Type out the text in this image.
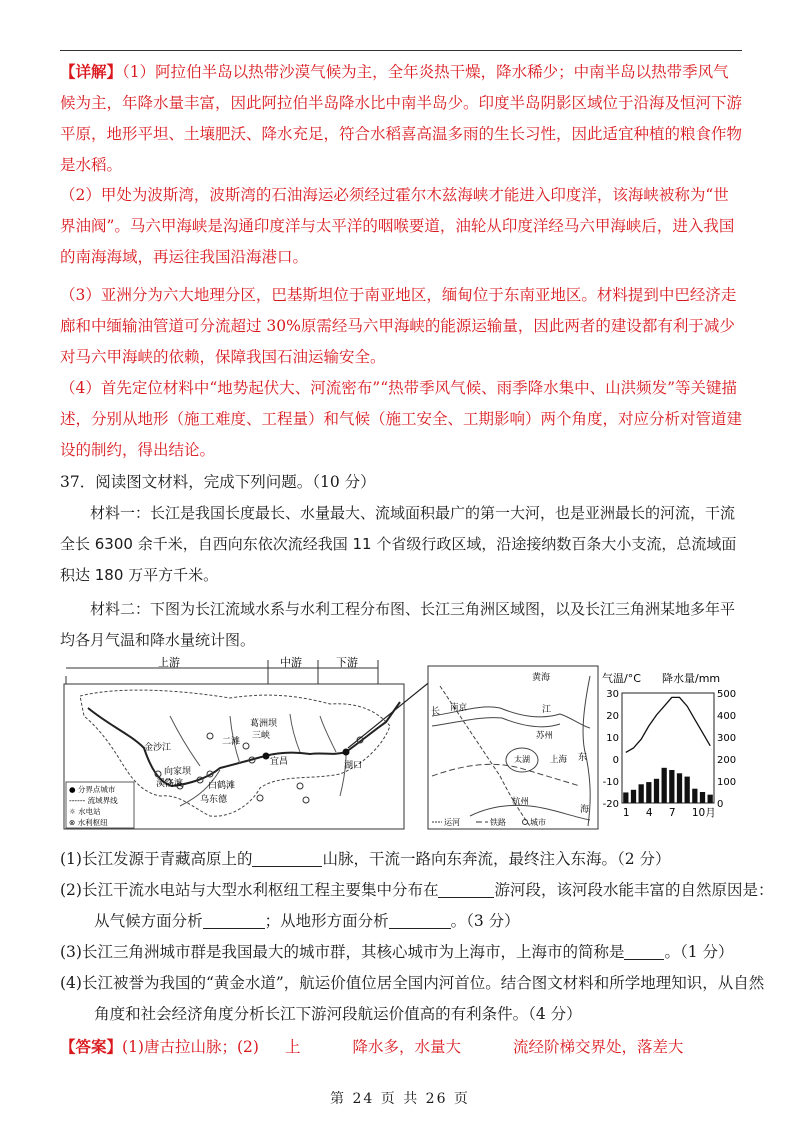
【详解】（1）阿拉伯半岛以热带沙漠气候为主，全年炎热干燥，降水稀少；中南半岛以热带季风气候为主，年降水量丰富，因此阿拉伯半岛降水比中南半岛少。印度半岛阴影区域位于沿海及恒河下游平原，地形平坦、土壤肥沃、降水充足，符合水稻喜高温多雨的生长习性，因此适宜种植的粮食作物是水稻。

（2）甲处为波斯湾，波斯湾的石油海运必须经过霍尔木兹海峡才能进入印度洋，该海峡被称为“世界油阀”。马六甲海峡是沟通印度洋与太平洋的咽喉要道，油轮从印度洋经马六甲海峡后，进入我国的南海海域，再运往我国沿海港口。

（3）亚洲分为六大地理分区，巴基斯坦位于南亚地区，缅甸位于东南亚地区。材料提到中巴经济走廊和中缅输油管道可分流超过 30%原需经马六甲海峡的能源运输量，因此两者的建设都有利于减少对马六甲海峡的依赖，保障我国石油运输安全。

（4）首先定位材料中“地势起伏大、河流密布”“热带季风气候、雨季降水集中、山洪频发”等关键描述，分别从地形（施工难度、工程量）和气候（施工安全、工期影响）两个角度，对应分析对管道建设的制约，得出结论。

37．阅读图文材料，完成下列问题。（10 分）

材料一：长江是我国长度最长、水量最大、流域面积最广的第一大河，也是亚洲最长的河流，干流全长 6300 余千米，自西向东依次流经我国 11 个省级行政区域，沿途接纳数百条大小支流，总流域面积达 180 万平方千米。

材料二：下图为长江流域水系与水利工程分布图、长江三角洲区域图，以及长江三角洲某地多年平均各月气温和降水量统计图。

上游	中游	下游
金沙江
向家坝
溪洛渡	白鹤滩
乌东德
二滩
葛洲坝
三峡
宜昌	湖口
● 分界点城市
------ 流域界线
☼ 水电站
⊗ 水利枢纽
黄海
长 南京	江
苏州
太湖 上海 东
杭州
海
运河	铁路	城市
气温/°C 降水量/mm
30
20
10
0
-10
-20
500
400
300
200
100
0
1 4 7 10月

(1)长江发源于青藏高原上的	山脉，干流一路向东奔流，最终注入东海。（2 分）

(2)长江干流水电站与大型水利枢纽工程主要集中分布在	游河段，该河段水能丰富的自然原因是：从气候方面分析	；从地形方面分析	。（3 分）

(3)长江三角洲城市群是我国最大的城市群，其核心城市为上海市，上海市的简称是	。（1 分）

(4)长江被誉为我国的“黄金水道”，航运价值位居全国内河首位。结合图文材料和所学地理知识，从自然角度和社会经济角度分析长江下游河段航运价值高的有利条件。（4 分）

【答案】(1)唐古拉山脉；(2) 上	降水多，水量大	流经阶梯交界处，落差大

第 24 页 共 26 页
